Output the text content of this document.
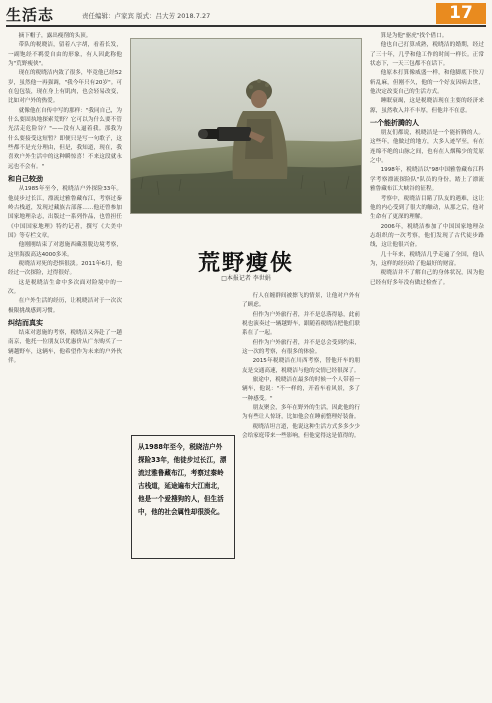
生活志	责任编辑：卢家宾 版式：吕大芳 2018.7.27	17
荒野瘦侠
□本报记者 李世娟
从1988年至今，税晓洁户外探险33年，他徒步过长江，漂流过雅鲁藏布江，考察过秦岭古栈道，延途遍布大江南北，他是一个爱搜狗的人，但生活中，他的社会属性却很淡化。

摘下帽子，露出瘦削的头顶。

带队的税晓洁，留着八字胡，看着长发，一副饱经不羁爱自由的形象，有人因此称他为"荒野瘦侠"。

现在的税晓洁内敛了很多，毕竟他已经52岁，虽然他一再强调，"我今年只有20岁"。可在包包装，现在身上有肌肉，也会轻易改变，比如对户外的热爱。

就像他在自传中写的那样："我同自己，为什么要固执地探索荒野？它可以为什么要不管光活走危险谷？"——没有人逼着我。那我为什么要接受这短暂？即便只是写一句歌子，这些都不是充分理由，但是，我知道，现在，我喜欢户外生活中的这种瞬惊喜！不来这段就永远也不会有。"

和自己较劲

从1985年至今，税晓洁户外探险33年。他徒步过长江，漂流过雅鲁藏布江，考察过秦岭古栈道，发现过藏族古部落……他还曾参加国家地理杂志，出版过一系列作品，也曾担任《中国国家地理》特约记者，撰写《大美中国》等专栏文章。

他刚刚结束了对恩施西藏墨脱边境考察，这里海拔高达4000多米。

税晓洁对死的恐惧很淡。2011年6月，他经过一次探险，过得很好。

这是税晓洁生命中多次面对险境中的一次。

在户外生活的经历，让税晓洁对于一次次极限挑战感到习惯。

纠结而真实

结束对恩施的考察，税晓洁又奔赴了一趟南京，他托一位朋友以优惠价从广东购买了一辆越野车，这辆车，他希望作为未来的户外伙伴。

行人在缠群间被擦飞的情景，让他对户外有了顾虑。

但作为户外旅行者，并不是总落得悬，此前税也演奏过一辆越野车，跟随着税晓洁把他们联系在了一起。

但作为户外旅行者，并不是总会受到约束，这一次的考察，有很多的体验。

2015年税晓洁在川西考察，替他开车的朋友是交通高速，税晓洁与他的交情已经很深了。

旅途中，税晓洁在最多的时候一个人带着一辆车，他说："不一样的，开着车看风景，多了一种感受。"

朋友聚会，多年在野外的生活，因此他的行为有些让人惊讶，比如他会在睡前整理好装备。

税晓洁坦言道，他说这种生活方式多多少少会给家庭带来一些影响，但他觉得这是值得的。

算是为他"驱虎"找个借口。

他也自己打算成熟，税晓洁的婚期，经过了三十年，几乎和他工作的时间一样长。正常状态下，一天三包都不在话下。

他原本打算像威盛一样，和他脚底下快刀斩乱麻，但刚不久，他的一个好友因病去世，他决定改变自己的生活方式。

睡眠衰竭，这是税晓洁现在主要的经济来源，虽然收入并不丰厚，但他并不在意。

一个能折腾的人

朋友们都说，税晓洁是一个能折腾的人。这些年，他做过的地方，大多人迹罕至，有在连绵不绝的山脉之间，也有在人烟稀少的荒原之中。

1998年，税晓洁以"98中国雅鲁藏布江科学考察漂流探险队"队员的身份，踏上了漂流雅鲁藏布江大峡谷的征程。

考察中，税晓洁目睹了队友的遇难，这让他的内心受到了很大的触动，从那之后，他对生命有了更深的理解。

2006年，税晓洁参加了中国国家地理杂志组织的一次考察，他们发现了古代徒步路线，这让他很兴奋。

几十年来，税晓洁几乎走遍了全国，他认为，这样的经历给了他最好的财富。

税晓洁并不了解自己的身体状况，因为他已经有好多年没有做过检查了。
